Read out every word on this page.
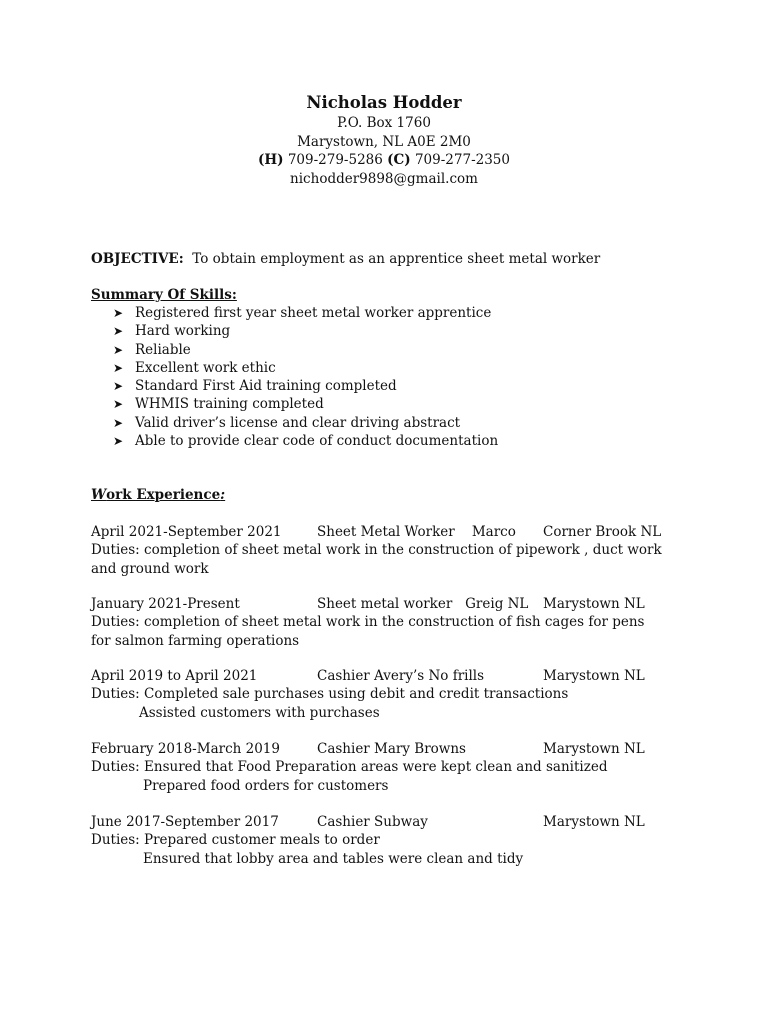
Nicholas Hodder
P.O. Box 1760
Marystown, NL A0E 2M0
(H) 709-279-5286 (C) 709-277-2350
nichodder9898@gmail.com
OBJECTIVE: To obtain employment as an apprentice sheet metal worker
Summary Of Skills:
➤ Registered first year sheet metal worker apprentice
➤ Hard working
➤ Reliable
➤ Excellent work ethic
➤ Standard First Aid training completed
➤ WHMIS training completed
➤ Valid driver’s license and clear driving abstract
➤ Able to provide clear code of conduct documentation
Work Experience:
April 2021-September 2021	Sheet Metal Worker    Marco Corner Brook NL
Duties: completion of sheet metal work in the construction of pipework , duct work and ground work
January 2021-Present	Sheet metal worker   Greig NL Marystown NL
Duties: completion of sheet metal work in the construction of fish cages for pens for salmon farming operations
April 2019 to April 2021	Cashier Avery’s No frills	Marystown NL
Duties: Completed sale purchases using debit and credit transactions
Assisted customers with purchases
February 2018-March 2019	Cashier Mary Browns	Marystown NL
Duties: Ensured that Food Preparation areas were kept clean and sanitized
Prepared food orders for customers
June 2017-September 2017	Cashier Subway	Marystown NL
Duties: Prepared customer meals to order
Ensured that lobby area and tables were clean and tidy
